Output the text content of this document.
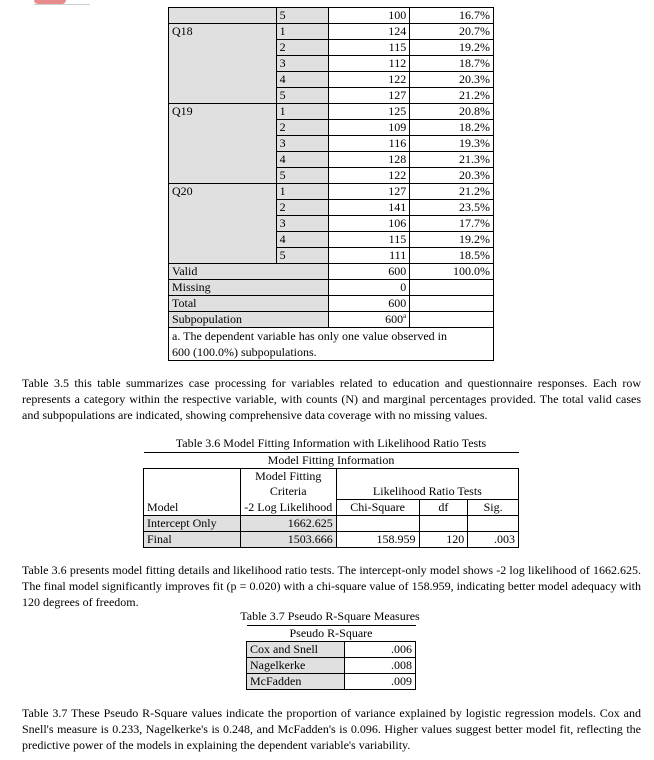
	5	100	16.7%
Q18	1	124	20.7%
	2	115	19.2%
	3	112	18.7%
	4	122	20.3%
	5	127	21.2%
Q19	1	125	20.8%
	2	109	18.2%
	3	116	19.3%
	4	128	21.3%
	5	122	20.3%
Q20	1	127	21.2%
	2	141	23.5%
	3	106	17.7%
	4	115	19.2%
	5	111	18.5%
Valid		600	100.0%
Missing		0	
Total		600	
Subpopulation		600$^a$	
a. The dependent variable has only one value observed in 600 (100.0%) subpopulations.			

Table 3.5 this table summarizes case processing for variables related to education and questionnaire responses. Each row represents a category within the respective variable, with counts (N) and marginal percentages provided. The total valid cases and subpopulations are indicated, showing comprehensive data coverage with no missing values.

Table 3.6 Model Fitting Information with Likelihood Ratio Tests

Model Fitting Information				
	Model Fitting			
	Criteria	Likelihood Ratio Tests		
Model	-2 Log Likelihood	Chi-Square	df	Sig.
Intercept Only	1662.625			
Final	1503.666	158.959	120	.003

Table 3.6 presents model fitting details and likelihood ratio tests. The intercept-only model shows -2 log likelihood of 1662.625. The final model significantly improves fit (p = 0.020) with a chi-square value of 158.959, indicating better model adequacy with 120 degrees of freedom.

Table 3.7 Pseudo R-Square Measures

Pseudo R-Square	
Cox and Snell	.006
Nagelkerke	.008
McFadden	.009

Table 3.7 These Pseudo R-Square values indicate the proportion of variance explained by logistic regression models. Cox and Snell's measure is 0.233, Nagelkerke's is 0.248, and McFadden's is 0.096. Higher values suggest better model fit, reflecting the predictive power of the models in explaining the dependent variable's variability.
